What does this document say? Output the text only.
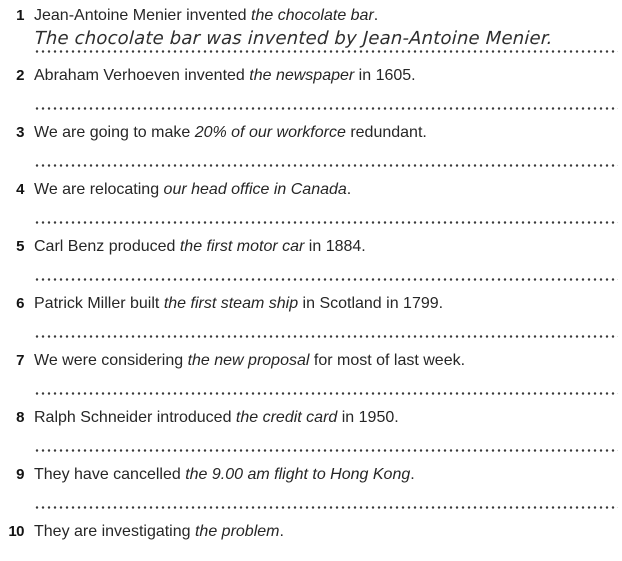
1 Jean-Antoine Menier invented the chocolate bar.

The chocolate bar was invented by Jean-Antoine Menier.
2 Abraham Verhoeven invented the newspaper in 1605.

3 We are going to make 20% of our workforce redundant.

4 We are relocating our head office in Canada.

5 Carl Benz produced the first motor car in 1884.

6 Patrick Miller built the first steam ship in Scotland in 1799.

7 We were considering the new proposal for most of last week.

8 Ralph Schneider introduced the credit card in 1950.

9 They have cancelled the 9.00 am flight to Hong Kong.

10 They are investigating the problem.
